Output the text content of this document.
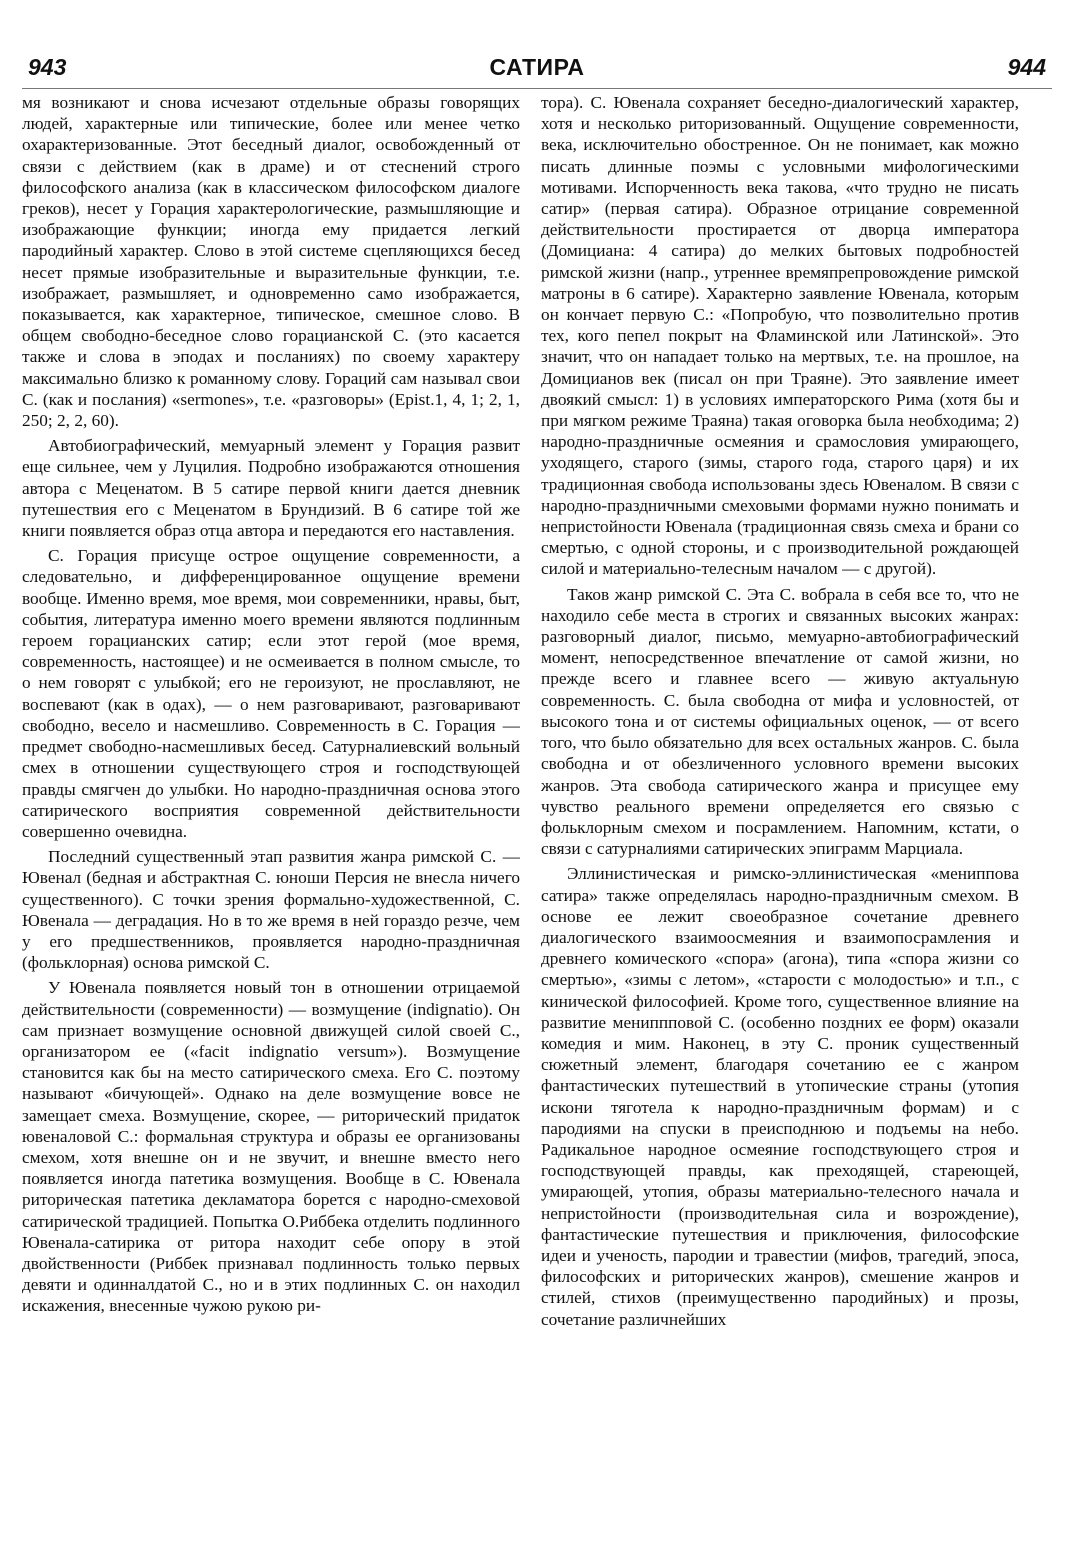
943	САТИРА	944

мя возникают и снова исчезают отдельные образы говорящих людей, характерные или типические, более или менее четко охарактеризованные. Этот беседный диалог, освобожденный от связи с действием (как в драме) и от стеснений строго философского анализа (как в классическом философском диалоге греков), несет у Горация характерологические, размышляющие и изображающие функции; иногда ему придается легкий пародийный характер. Слово в этой системе сцепляющихся бесед несет прямые изобразительные и выразительные функции, т.е. изображает, размышляет, и одновременно само изображается, показывается, как характерное, типическое, смешное слово. В общем свободно-беседное слово горацианской С. (это касается также и слова в эподах и посланиях) по своему характеру максимально близко к романному слову. Гораций сам называл свои С. (как и послания) «sermones», т.е. «разговоры» (Epist.1, 4, 1; 2, 1, 250; 2, 2, 60).

Автобиографический, мемуарный элемент у Горация развит еще сильнее, чем у Луцилия. Подробно изображаются отношения автора с Меценатом. В 5 сатире первой книги дается дневник путешествия его с Меценатом в Брундизий. В 6 сатире той же книги появляется образ отца автора и передаются его наставления.

С. Горация присуще острое ощущение современности, а следовательно, и дифференцированное ощущение времени вообще. Именно время, мое время, мои современники, нравы, быт, события, литература именно моего времени являются подлинным героем горацианских сатир; если этот герой (мое время, современность, настоящее) и не осмеивается в полном смысле, то о нем говорят с улыбкой; его не героизуют, не прославляют, не воспевают (как в одах), — о нем разговаривают, разговаривают свободно, весело и насмешливо. Современность в С. Горация — предмет свободно-насмешливых бесед. Сатурналиевский вольный смех в отношении существующего строя и господствующей правды смягчен до улыбки. Но народно-праздничная основа этого сатирического восприятия современной действительности совершенно очевидна.

Последний существенный этап развития жанра римской С. — Ювенал (бедная и абстрактная С. юноши Персия не внесла ничего существенного). С точки зрения формально-художественной, С. Ювенала — деградация. Но в то же время в ней гораздо резче, чем у его предшественников, проявляется народно-праздничная (фольклорная) основа римской С.

У Ювенала появляется новый тон в отношении отрицаемой действительности (современности) — возмущение (indignatio). Он сам признает возмущение основной движущей силой своей С., организатором ее («facit indignatio versum»). Возмущение становится как бы на место сатирического смеха. Его С. поэтому называют «бичующей». Однако на деле возмущение вовсе не замещает смеха. Возмущение, скорее, — риторический придаток ювеналовой С.: формальная структура и образы ее организованы смехом, хотя внешне он и не звучит, и внешне вместо него появляется иногда патетика возмущения. Вообще в С. Ювенала риторическая патетика декламатора борется с народно-смеховой сатирической традицией. Попытка О.Риббека отделить подлинного Ювенала-сатирика от ритора находит себе опору в этой двойственности (Риббек признавал подлинность только первых девяти и одинналдатой С., но и в этих подлинных С. он находил искажения, внесенные чужою рукою ри-

тора). С. Ювенала сохраняет беседно-диалогический характер, хотя и несколько риторизованный. Ощущение современности, века, исключительно обостренное. Он не понимает, как можно писать длинные поэмы с условными мифологическими мотивами. Испорченность века такова, «что трудно не писать сатир» (первая сатира). Образное отрицание современной действительности простирается от дворца императора (Домициана: 4 сатира) до мелких бытовых подробностей римской жизни (напр., утреннее времяпрепровождение римской матроны в 6 сатире). Характерно заявление Ювенала, которым он кончает первую С.: «Попробую, что позволительно против тех, кого пепел покрыт на Фламинской или Латинской». Это значит, что он нападает только на мертвых, т.е. на прошлое, на Домицианов век (писал он при Траяне). Это заявление имеет двоякий смысл: 1) в условиях императорского Рима (хотя бы и при мягком режиме Траяна) такая оговорка была необходима; 2) народно-праздничные осмеяния и срамословия умирающего, уходящего, старого (зимы, старого года, старого царя) и их традиционная свобода использованы здесь Ювеналом. В связи с народно-праздничными смеховыми формами нужно понимать и непристойности Ювенала (традиционная связь смеха и брани со смертью, с одной стороны, и с производительной рождающей силой и материально-телесным началом — с другой).

Таков жанр римской С. Эта С. вобрала в себя все то, что не находило себе места в строгих и связанных высоких жанрах: разговорный диалог, письмо, мемуарно-автобиографический момент, непосредственное впечатление от самой жизни, но прежде всего и главнее всего — живую актуальную современность. С. была свободна от мифа и условностей, от высокого тона и от системы официальных оценок, — от всего того, что было обязательно для всех остальных жанров. С. была свободна и от обезличенного условного времени высоких жанров. Эта свобода сатирического жанра и присущее ему чувство реального времени определяется его связью с фольклорным смехом и посрамлением. Напомним, кстати, о связи с сатурналиями сатирических эпиграмм Марциала.

Эллинистическая и римско-эллинистическая «мениппова сатира» также определялась народно-праздничным смехом. В основе ее лежит своеобразное сочетание древнего диалогического взаимоосмеяния и взаимопосрамления и древнего комического «спора» (агона), типа «спора жизни со смертью», «зимы с летом», «старости с молодостью» и т.п., с кинической философией. Кроме того, существенное влияние на развитие мениппповой С. (особенно поздних ее форм) оказали комедия и мим. Наконец, в эту С. проник существенный сюжетный элемент, благодаря сочетанию ее с жанром фантастических путешествий в утопические страны (утопия искони тяготела к народно-праздничным формам) и с пародиями на спуски в преисподнюю и подъемы на небо. Радикальное народное осмеяние господствующего строя и господствующей правды, как преходящей, стареющей, умирающей, утопия, образы материально-телесного начала и непристойности (производительная сила и возрождение), фантастические путешествия и приключения, философские идеи и ученость, пародии и травестии (мифов, трагедий, эпоса, философских и риторических жанров), смешение жанров и стилей, стихов (преимущественно пародийных) и прозы, сочетание различнейших
